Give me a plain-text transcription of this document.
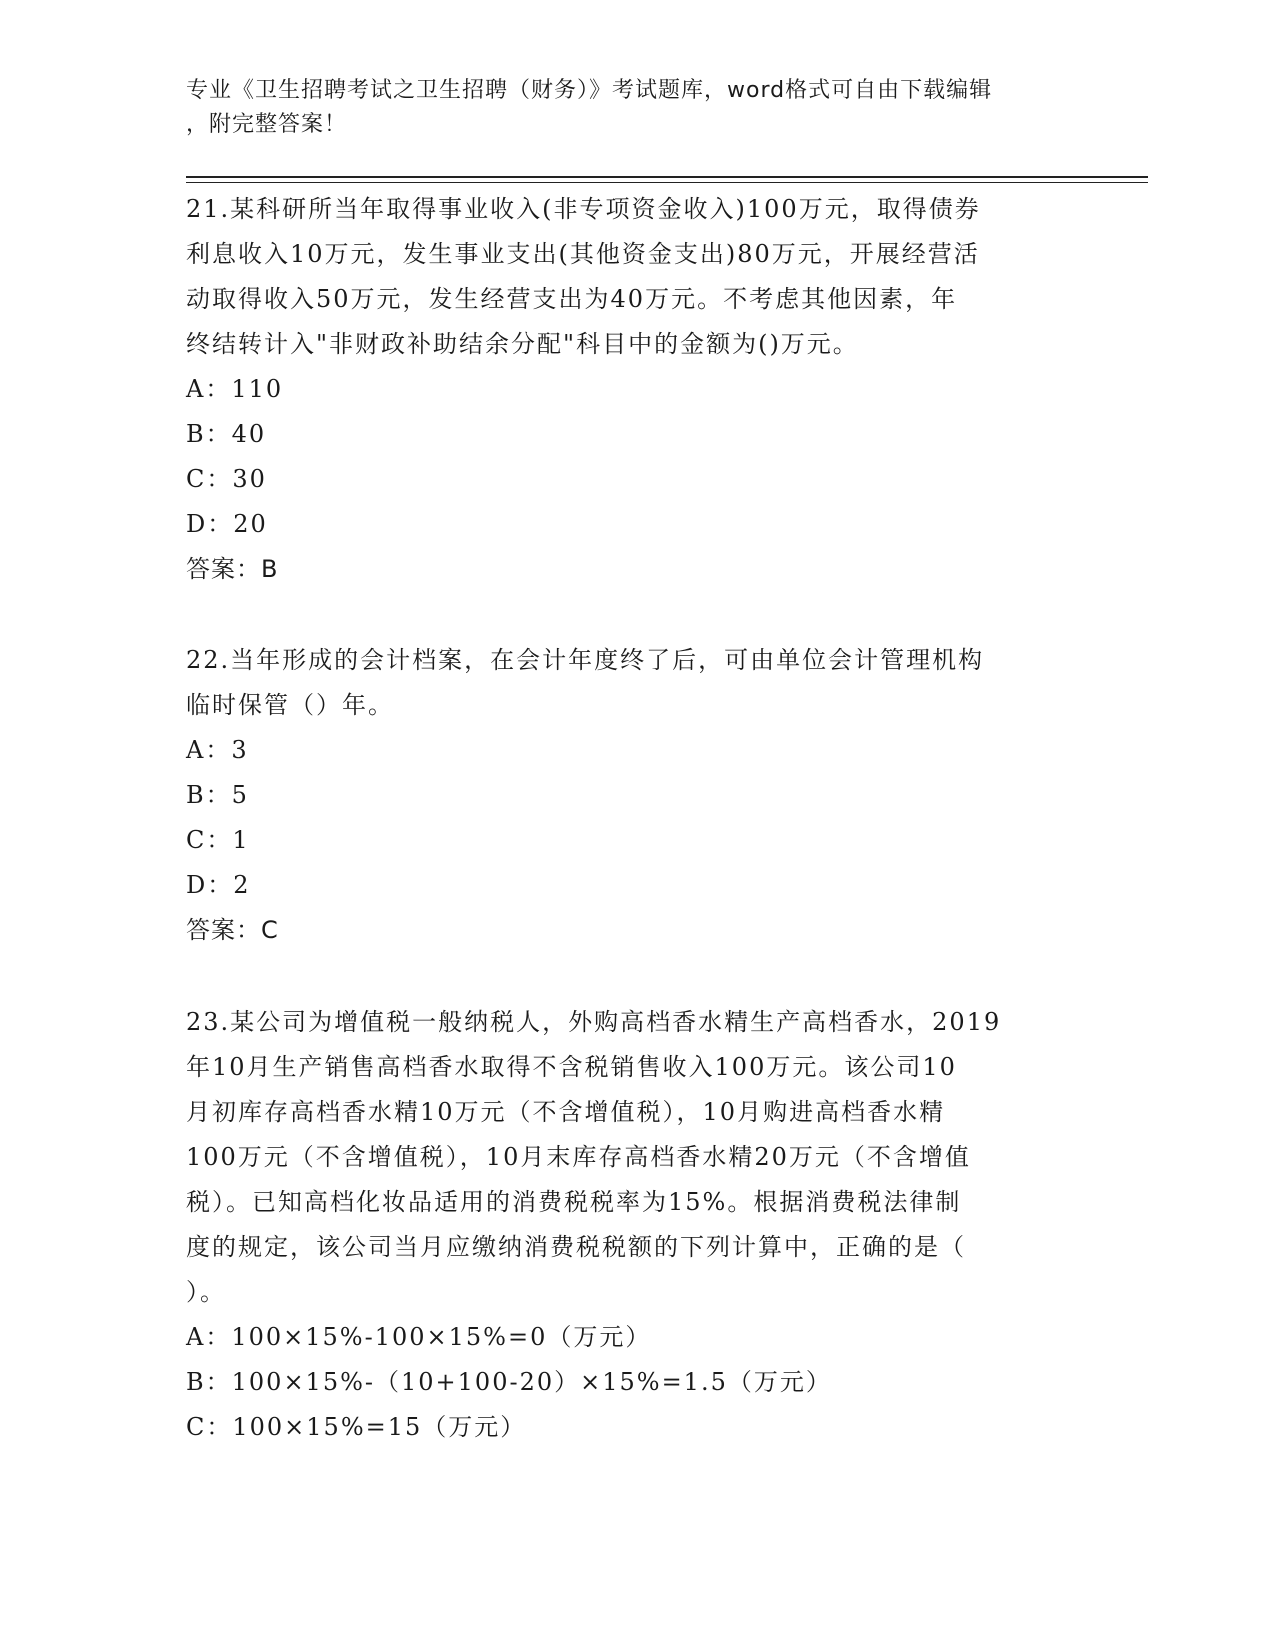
专业《卫生招聘考试之卫生招聘（财务）》考试题库，word格式可自由下载编辑
，附完整答案！
21.某科研所当年取得事业收入(非专项资金收入)100万元，取得债券
利息收入10万元，发生事业支出(其他资金支出)80万元，开展经营活
动取得收入50万元，发生经营支出为40万元。不考虑其他因素，年
终结转计入"非财政补助结余分配"科目中的金额为()万元。
A：110
B：40
C：30
D：20
答案：B
22.当年形成的会计档案，在会计年度终了后，可由单位会计管理机构
临时保管（）年。
A：3
B：5
C：1
D：2
答案：C
23.某公司为增值税一般纳税人，外购高档香水精生产高档香水，2019
年10月生产销售高档香水取得不含税销售收入100万元。该公司10
月初库存高档香水精10万元（不含增值税），10月购进高档香水精
100万元（不含增值税），10月末库存高档香水精20万元（不含增值
税）。已知高档化妆品适用的消费税税率为15%。根据消费税法律制
度的规定，该公司当月应缴纳消费税税额的下列计算中，正确的是（
）。
A：100×15%-100×15%=0（万元）
B：100×15%-（10+100-20）×15%=1.5（万元）
C：100×15%=15（万元）
